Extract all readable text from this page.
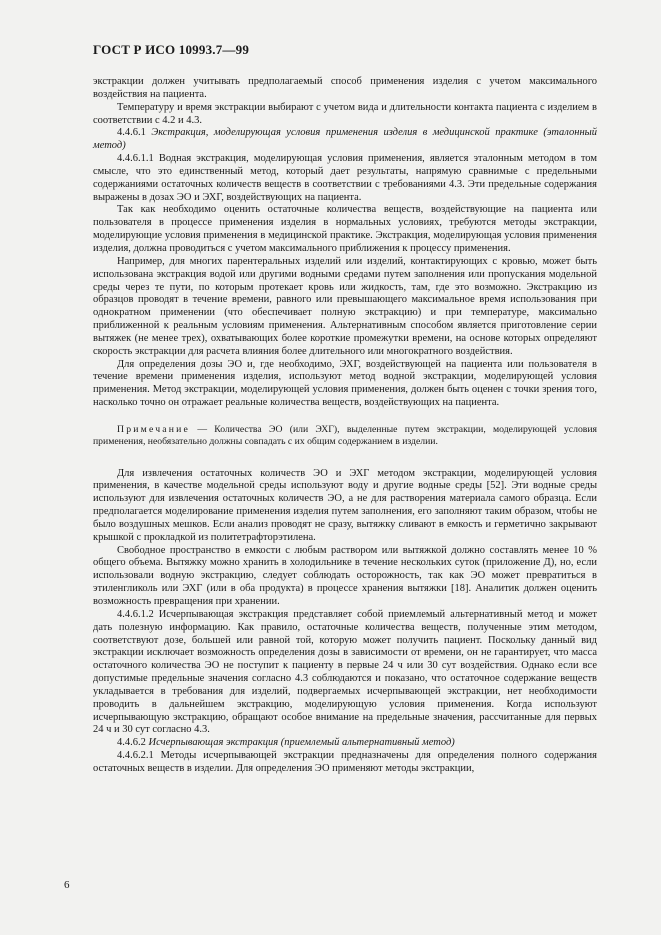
ГОСТ Р ИСО 10993.7—99

экстракции должен учитывать предполагаемый способ применения изделия с учетом максимального воздействия на пациента.

Температуру и время экстракции выбирают с учетом вида и длительности контакта пациента с изделием в соответствии с 4.2 и 4.3.

4.4.6.1 Экстракция, моделирующая условия применения изделия в медицинской практике (эталонный метод)

4.4.6.1.1 Водная экстракция, моделирующая условия применения, является эталонным методом в том смысле, что это единственный метод, который дает результаты, напрямую сравнимые с предельными содержаниями остаточных количеств веществ в соответствии с требованиями 4.3. Эти предельные содержания выражены в дозах ЭО и ЭХГ, воздействующих на пациента.

Так как необходимо оценить остаточные количества веществ, воздействующие на пациента или пользователя в процессе применения изделия в нормальных условиях, требуются методы экстракции, моделирующие условия применения в медицинской практике. Экстракция, моделирующая условия применения изделия, должна проводиться с учетом максимального приближения к процессу применения.

Например, для многих парентеральных изделий или изделий, контактирующих с кровью, может быть использована экстракция водой или другими водными средами путем заполнения или пропускания модельной среды через те пути, по которым протекает кровь или жидкость, там, где это возможно. Экстракцию из образцов проводят в течение времени, равного или превышающего максимальное время использования при однократном применении (что обеспечивает полную экстракцию) и при температуре, максимально приближенной к реальным условиям применения. Альтернативным способом является приготовление серии вытяжек (не менее трех), охватывающих более короткие промежутки времени, на основе которых определяют скорость экстракции для расчета влияния более длительного или многократного воздействия.

Для определения дозы ЭО и, где необходимо, ЭХГ, воздействующей на пациента или пользователя в течение времени применения изделия, используют метод водной экстракции, моделирующей условия применения. Метод экстракции, моделирующей условия применения, должен быть оценен с точки зрения того, насколько точно он отражает реальные количества веществ, воздействующих на пациента.

Примечание — Количества ЭО (или ЭХГ), выделенные путем экстракции, моделирующей условия применения, необязательно должны совпадать с их общим содержанием в изделии.

Для извлечения остаточных количеств ЭО и ЭХГ методом экстракции, моделирующей условия применения, в качестве модельной среды используют воду и другие водные среды [52]. Эти водные среды используют для извлечения остаточных количеств ЭО, а не для растворения материала самого образца. Если предполагается моделирование применения изделия путем заполнения, его заполняют таким образом, чтобы не было воздушных мешков. Если анализ проводят не сразу, вытяжку сливают в емкость и герметично закрывают крышкой с прокладкой из политетрафторэтилена.

Свободное пространство в емкости с любым раствором или вытяжкой должно составлять менее 10 % общего объема. Вытяжку можно хранить в холодильнике в течение нескольких суток (приложение Д), но, если использовали водную экстракцию, следует соблюдать осторожность, так как ЭО может превратиться в этиленгликоль или ЭХГ (или в оба продукта) в процессе хранения вытяжки [18]. Аналитик должен оценить возможность превращения при хранении.

4.4.6.1.2 Исчерпывающая экстракция представляет собой приемлемый альтернативный метод и может дать полезную информацию. Как правило, остаточные количества веществ, полученные этим методом, соответствуют дозе, большей или равной той, которую может получить пациент. Поскольку данный вид экстракции исключает возможность определения дозы в зависимости от времени, он не гарантирует, что масса остаточного количества ЭО не поступит к пациенту в первые 24 ч или 30 сут воздействия. Однако если все допустимые предельные значения согласно 4.3 соблюдаются и показано, что остаточное содержание веществ укладывается в требования для изделий, подвергаемых исчерпывающей экстракции, нет необходимости проводить в дальнейшем экстракцию, моделирующую условия применения. Когда используют исчерпывающую экстракцию, обращают особое внимание на предельные значения, рассчитанные для первых 24 ч и 30 сут согласно 4.3.

4.4.6.2 Исчерпывающая экстракция (приемлемый альтернативный метод)

4.4.6.2.1 Методы исчерпывающей экстракции предназначены для определения полного содержания остаточных веществ в изделии. Для определения ЭО применяют методы экстракции,

6
